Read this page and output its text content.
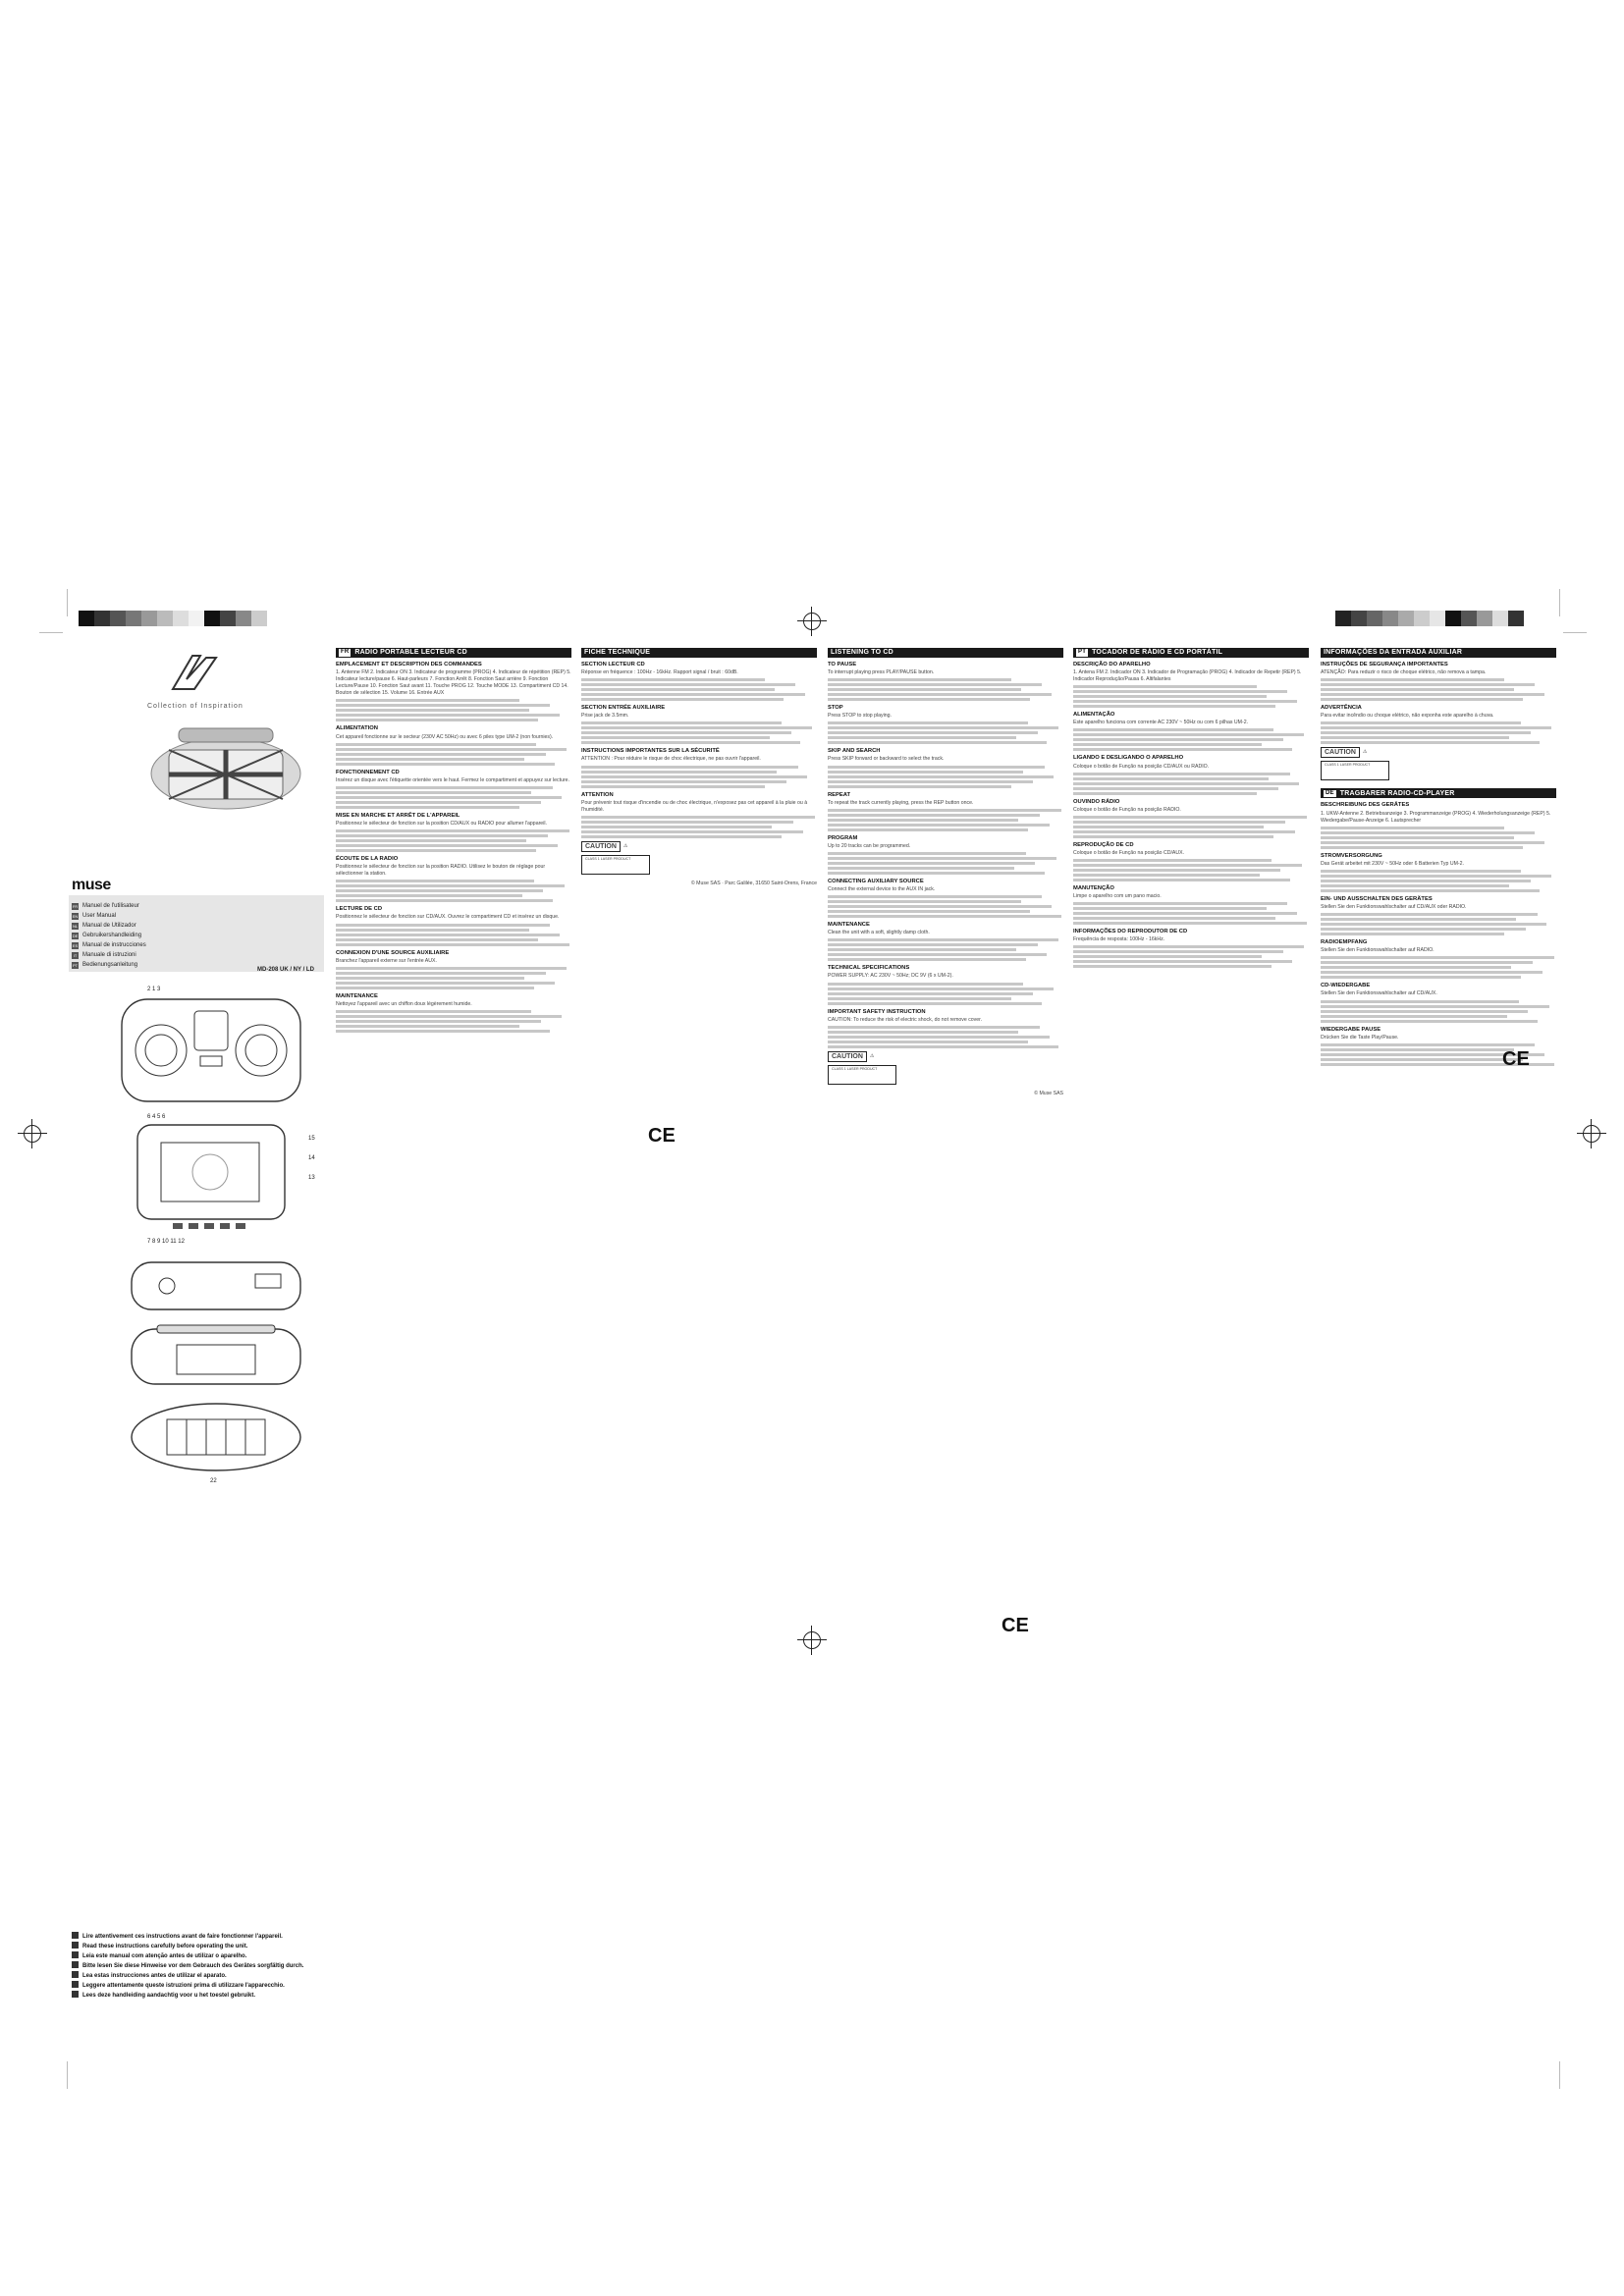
Collection of Inspiration
muse
FR Manuel de l'utilisateur
EN User Manual
NL Manual de Utilizador
DE Gebruikershandleiding
ES Manual de instrucciones
IT Manuale di istruzioni
PT Bedienungsanleitung
MD-208 UK / NY / LD
2 1 3
6 4 5 6
15
14
13
7 8 9 10 11 12
22
Lire attentivement ces instructions avant de faire fonctionner l'appareil.
Read these instructions carefully before operating the unit.
Leia este manual com atenção antes de utilizar o aparelho.
Bitte lesen Sie diese Hinweise vor dem Gebrauch des Gerätes sorgfältig durch.
Lea estas instrucciones antes de utilizar el aparato.
Leggere attentamente queste istruzioni prima di utilizzare l'apparecchio.
Lees deze handleiding aandachtig voor u het toestel gebruikt.
FR RADIO PORTABLE LECTEUR CD
EMPLACEMENT ET DESCRIPTION DES COMMANDES

1. Antenne FM 2. Indicateur ON 3. Indicateur de programme (PROG) 4. Indicateur de répétition (REP) 5. Indicateur lecture/pause 6. Haut-parleurs 7. Fonction Arrêt 8. Fonction Saut arrière 9. Fonction Lecture/Pause 10. Fonction Saut avant 11. Touche PROG 12. Touche MODE 13. Compartiment CD 14. Bouton de sélection 15. Volume 16. Entrée AUX

ALIMENTATION

Cet appareil fonctionne sur le secteur (230V AC 50Hz) ou avec 6 piles type UM-2 (non fournies).

FONCTIONNEMENT CD

Insérez un disque avec l'étiquette orientée vers le haut. Fermez le compartiment et appuyez sur lecture.

MISE EN MARCHE ET ARRÊT DE L'APPAREIL

Positionnez le sélecteur de fonction sur la position CD/AUX ou RADIO pour allumer l'appareil.

ÉCOUTE DE LA RADIO

Positionnez le sélecteur de fonction sur la position RADIO. Utilisez le bouton de réglage pour sélectionner la station.

LECTURE DE CD

Positionnez le sélecteur de fonction sur CD/AUX. Ouvrez le compartiment CD et insérez un disque.

CONNEXION D'UNE SOURCE AUXILIAIRE

Branchez l'appareil externe sur l'entrée AUX.

MAINTENANCE

Nettoyez l'appareil avec un chiffon doux légèrement humide.

FICHE TECHNIQUE
SECTION LECTEUR CD

Réponse en fréquence : 100Hz - 16kHz. Rapport signal / bruit : 60dB.

SECTION ENTRÉE AUXILIAIRE

Prise jack de 3.5mm.

INSTRUCTIONS IMPORTANTES SUR LA SÉCURITÉ

ATTENTION : Pour réduire le risque de choc électrique, ne pas ouvrir l'appareil.

ATTENTION

Pour prévenir tout risque d'incendie ou de choc électrique, n'exposez pas cet appareil à la pluie ou à l'humidité.

CAUTION	⚠
CLASS 1 LASER PRODUCT

© Muse SAS · Parc Galilée, 31650 Saint-Orens, France

LISTENING TO CD
TO PAUSE

To interrupt playing press PLAY/PAUSE button.

STOP

Press STOP to stop playing.

SKIP AND SEARCH

Press SKIP forward or backward to select the track.

REPEAT

To repeat the track currently playing, press the REP button once.

PROGRAM

Up to 20 tracks can be programmed.

CONNECTING AUXILIARY SOURCE

Connect the external device to the AUX IN jack.

MAINTENANCE

Clean the unit with a soft, slightly damp cloth.

TECHNICAL SPECIFICATIONS

POWER SUPPLY: AC 230V ~ 50Hz; DC 9V (6 x UM-2).

IMPORTANT SAFETY INSTRUCTION

CAUTION: To reduce the risk of electric shock, do not remove cover.

CAUTION	⚠
CLASS 1 LASER PRODUCT

© Muse SAS

PT TOCADOR DE RÁDIO E CD PORTÁTIL
DESCRIÇÃO DO APARELHO

1. Antena FM 2. Indicador ON 3. Indicador de Programação (PROG) 4. Indicador de Repetir (REP) 5. Indicador Reprodução/Pausa 6. Altifalantes

ALIMENTAÇÃO

Este aparelho funciona com corrente AC 230V ~ 50Hz ou com 6 pilhas UM-2.

LIGANDO E DESLIGANDO O APARELHO

Coloque o botão de Função na posição CD/AUX ou RADIO.

OUVINDO RÁDIO

Coloque o botão de Função na posição RADIO.

REPRODUÇÃO DE CD

Coloque o botão de Função na posição CD/AUX.

MANUTENÇÃO

Limpe o aparelho com um pano macio.

INFORMAÇÕES DO REPRODUTOR DE CD

Frequência de resposta: 100Hz - 16kHz.

INFORMAÇÕES DA ENTRADA AUXILIAR
INSTRUÇÕES DE SEGURANÇA IMPORTANTES

ATENÇÃO: Para reduzir o risco de choque elétrico, não remova a tampa.

ADVERTÊNCIA

Para evitar incêndio ou choque elétrico, não exponha este aparelho à chuva.

CAUTION	⚠
CLASS 1 LASER PRODUCT
DE TRAGBARER RADIO-CD-PLAYER
BESCHREIBUNG DES GERÄTES

1. UKW-Antenne 2. Betriebsanzeige 3. Programmanzeige (PROG) 4. Wiederholungsanzeige (REP) 5. Wiedergabe/Pause-Anzeige 6. Lautsprecher

STROMVERSORGUNG

Das Gerät arbeitet mit 230V ~ 50Hz oder 6 Batterien Typ UM-2.

EIN- UND AUSSCHALTEN DES GERÄTES

Stellen Sie den Funktionswahlschalter auf CD/AUX oder RADIO.

RADIOEMPFANG

Stellen Sie den Funktionswahlschalter auf RADIO.

CD-WIEDERGABE

Stellen Sie den Funktionswahlschalter auf CD/AUX.

WIEDERGABE PAUSE

Drücken Sie die Taste Play/Pause.

CE
CE
CE
